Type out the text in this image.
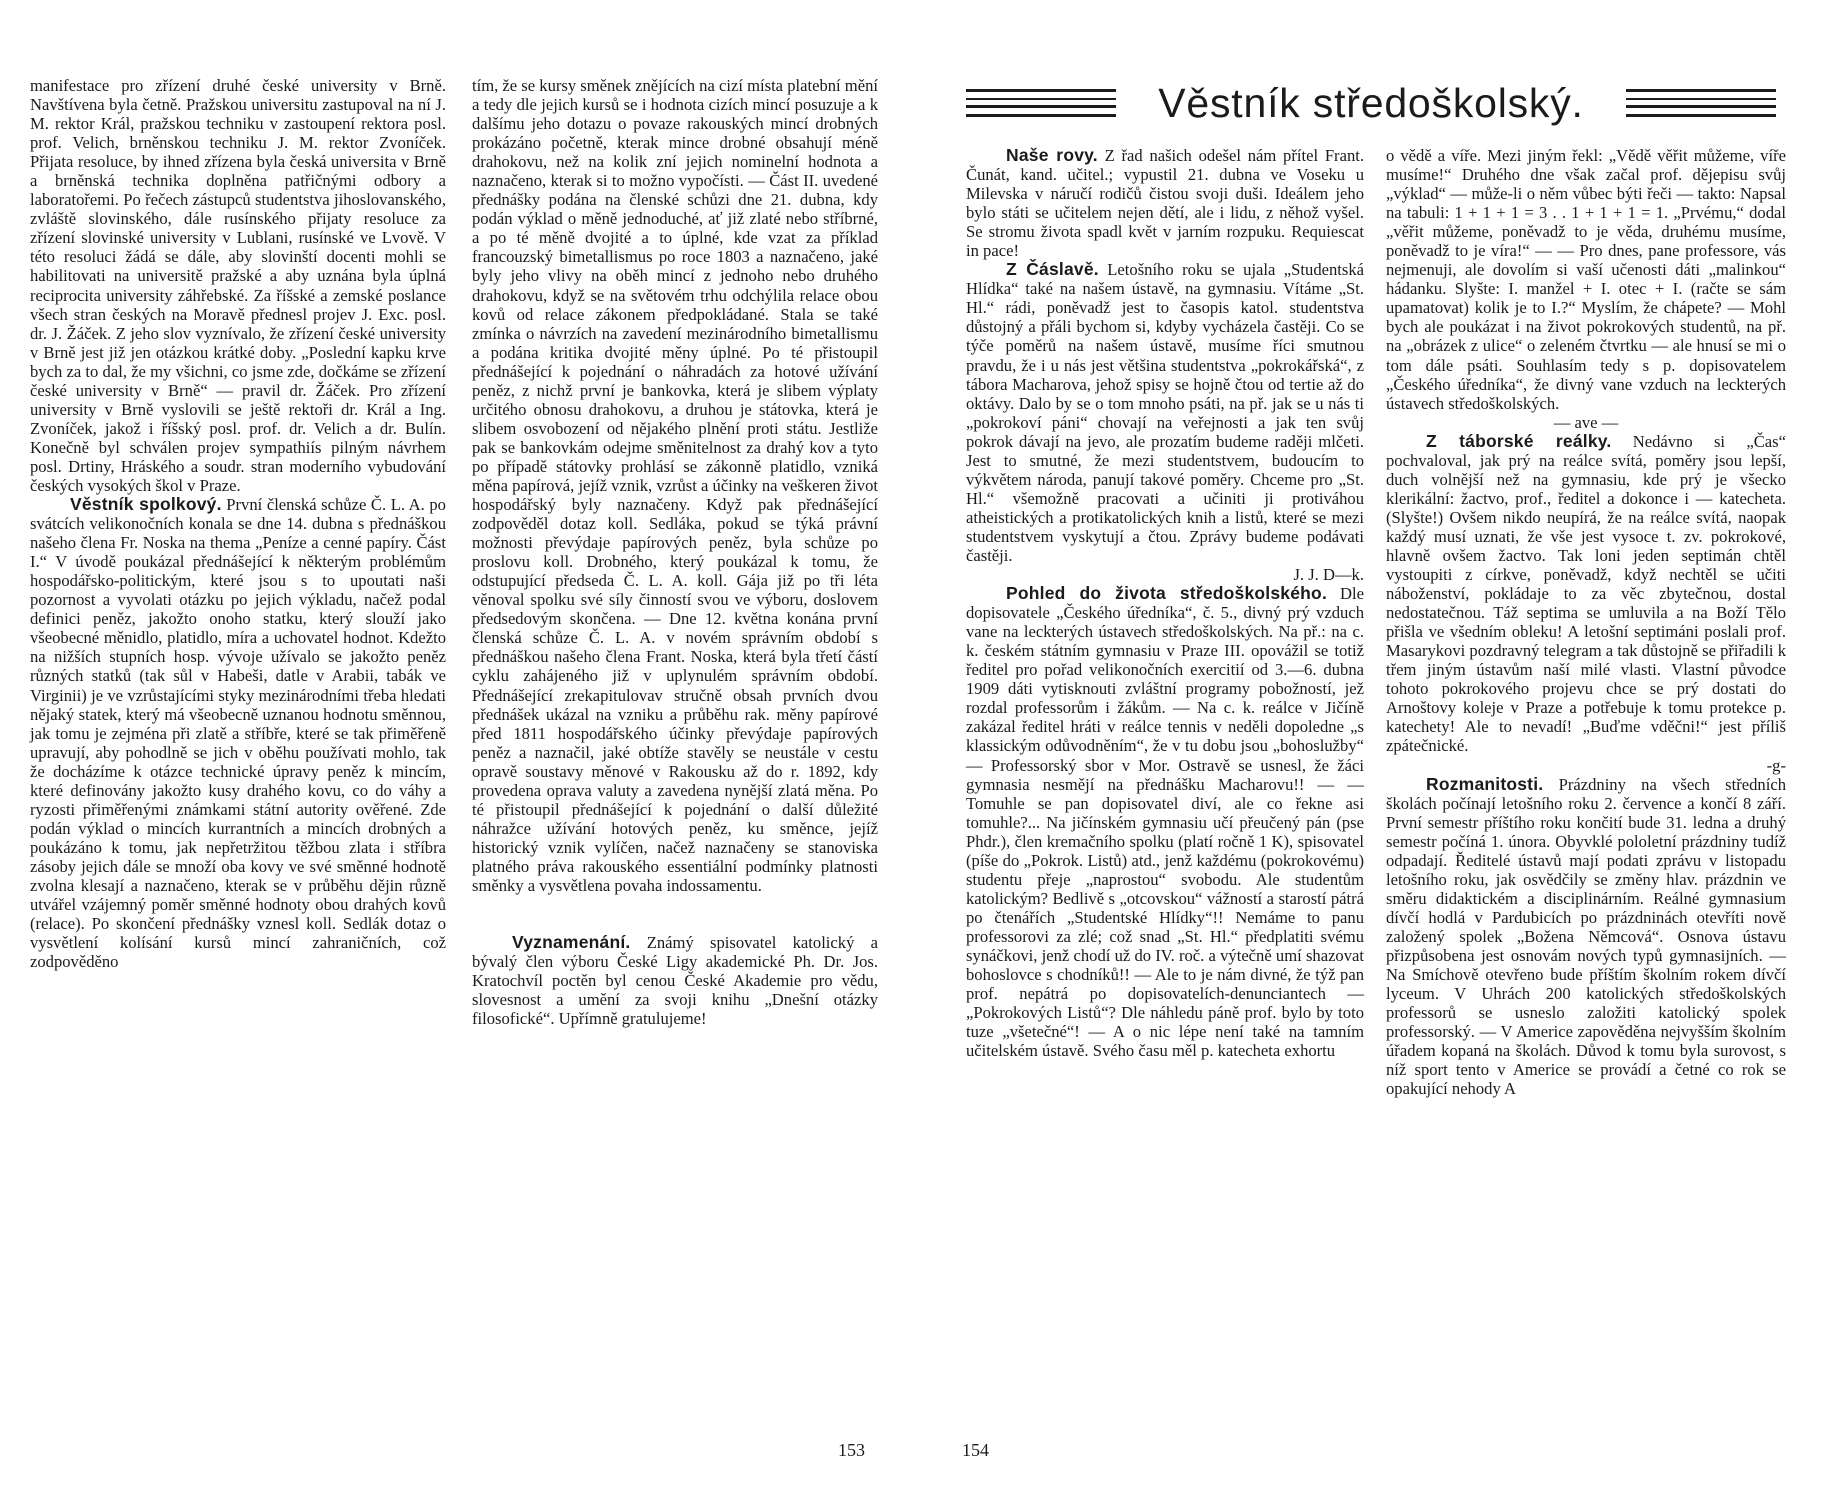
manifestace pro zřízení druhé české university v Brně. Navštívena byla četně. Pražskou universitu zastupoval na ní J. M. rektor Král, pražskou techniku v zastoupení rektora posl. prof. Velich, brněnskou techniku J. M. rektor Zvoníček. Přijata resoluce, by ihned zřízena byla česká universita v Brně a brněnská technika doplněna patřičnými odbory a laboratořemi. Po řečech zástupců studentstva jihoslovanského, zvláště slovinského, dále rusínského přijaty resoluce za zřízení slovinské university v Lublani, rusínské ve Lvově. V této resoluci žádá se dále, aby slovinští docenti mohli se habilitovati na universitě pražské a aby uznána byla úplná reciprocita university záhřebské. Za říšské a zemské poslance všech stran českých na Moravě přednesl projev J. Exc. posl. dr. J. Žáček. Z jeho slov vyznívalo, že zřízení české university v Brně jest již jen otázkou krátké doby. „Poslední kapku krve bych za to dal, že my všichni, co jsme zde, dočkáme se zřízení české university v Brně“ — pravil dr. Žáček. Pro zřízení university v Brně vyslovili se ještě rektoři dr. Král a Ing. Zvoníček, jakož i říšský posl. prof. dr. Velich a dr. Bulín. Konečně byl schválen projev sympathiís pilným návrhem posl. Drtiny, Hráského a soudr. stran moderního vybudování českých vysokých škol v Praze.

Věstník spolkový. První členská schůze Č. L. A. po svátcích velikonočních konala se dne 14. dubna s přednáškou našeho člena Fr. Noska na thema „Peníze a cenné papíry. Část I.“ V úvodě poukázal přednášející k některým problémům hospodářsko-politickým, které jsou s to upoutati naši pozornost a vyvolati otázku po jejich výkladu, načež podal definici peněz, jakožto onoho statku, který slouží jako všeobecné měnidlo, platidlo, míra a uchovatel hodnot. Kdežto na nižších stupních hosp. vývoje užívalo se jakožto peněz různých statků (tak sůl v Habeši, datle v Arabii, tabák ve Virginii) je ve vzrůstajícími styky mezinárodními třeba hledati nějaký statek, který má všeobecně uznanou hodnotu směnnou, jak tomu je zejména při zlatě a stříbře, které se tak přiměřeně upravují, aby pohodlně se jich v oběhu používati mohlo, tak že docházíme k otázce technické úpravy peněz k mincím, které definovány jakožto kusy drahého kovu, co do váhy a ryzosti přiměřenými známkami státní autority ověřené. Zde podán výklad o mincích kurrantních a mincích drobných a poukázáno k tomu, jak nepřetržitou těžbou zlata i stříbra zásoby jejich dále se množí oba kovy ve své směnné hodnotě zvolna klesají a naznačeno, kterak se v průběhu dějin různě utvářel vzájemný poměr směnné hodnoty obou drahých kovů (relace). Po skončení přednášky vznesl koll. Sedlák dotaz o vysvětlení kolísání kursů mincí zahraničních, což zodpověděno

tím, že se kursy směnek znějících na cizí místa platební mění a tedy dle jejich kursů se i hodnota cizích mincí posuzuje a k dalšímu jeho dotazu o povaze rakouských mincí drobných prokázáno početně, kterak mince drobné obsahují méně drahokovu, než na kolik zní jejich nominelní hodnota a naznačeno, kterak si to možno vypočísti. — Část II. uvedené přednášky podána na členské schůzi dne 21. dubna, kdy podán výklad o měně jednoduché, ať již zlaté nebo stříbrné, a po té měně dvojité a to úplné, kde vzat za příklad francouzský bimetallismus po roce 1803 a naznačeno, jaké byly jeho vlivy na oběh mincí z jednoho nebo druhého drahokovu, když se na světovém trhu odchýlila relace obou kovů od relace zákonem předpokládané. Stala se také zmínka o návrzích na zavedení mezinárodního bimetallismu a podána kritika dvojité měny úplné. Po té přistoupil přednášející k pojednání o náhradách za hotové užívání peněz, z nichž první je bankovka, která je slibem výplaty určitého obnosu drahokovu, a druhou je státovka, která je slibem osvobození od nějakého plnění proti státu. Jestliže pak se bankovkám odejme směnitelnost za drahý kov a tyto po případě státovky prohlásí se zákonně platidlo, vzniká měna papírová, jejíž vznik, vzrůst a účinky na veškeren život hospodářský byly naznačeny. Když pak přednášející zodpověděl dotaz koll. Sedláka, pokud se týká právní možnosti převýdaje papírových peněz, byla schůze po proslovu koll. Drobného, který poukázal k tomu, že odstupující předseda Č. L. A. koll. Gája již po tři léta věnoval spolku své síly činností svou ve výboru, doslovem předsedovým skončena. — Dne 12. května konána první členská schůze Č. L. A. v novém správním období s přednáškou našeho člena Frant. Noska, která byla třetí částí cyklu zahájeného již v uplynulém správním období. Přednášející zrekapitulovav stručně obsah prvních dvou přednášek ukázal na vzniku a průběhu rak. měny papírové před 1811 hospodářského účinky převýdaje papírových peněz a naznačil, jaké obtíže stavěly se neustále v cestu opravě soustavy měnové v Rakousku až do r. 1892, kdy provedena oprava valuty a zavedena nynější zlatá měna. Po té přistoupil přednášející k pojednání o další důležité náhražce užívání hotových peněz, ku směnce, jejíž historický vznik vylíčen, načež naznačeny se stanoviska platného práva rakouského essentiální podmínky platnosti směnky a vysvětlena povaha indossamentu.

Vyznamenání. Známý spisovatel katolický a bývalý člen výboru České Ligy akademické Ph. Dr. Jos. Kratochvíl poctěn byl cenou České Akademie pro vědu, slovesnost a umění za svoji knihu „Dnešní otázky filosofické“. Upřímně gratulujeme!

153
Věstník středoškolský.

Naše rovy. Z řad našich odešel nám přítel Frant. Čunát, kand. učitel.; vypustil 21. dubna ve Voseku u Milevska v náručí rodičů čistou svoji duši. Ideálem jeho bylo státi se učitelem nejen dětí, ale i lidu, z něhož vyšel. Se stromu života spadl květ v jarním rozpuku. Requiescat in pace!

Z Čáslavě. Letošního roku se ujala „Studentská Hlídka“ také na našem ústavě, na gymnasiu. Vítáme „St. Hl.“ rádi, poněvadž jest to časopis katol. studentstva důstojný a přáli bychom si, kdyby vycházela častěji. Co se týče poměrů na našem ústavě, musíme říci smutnou pravdu, že i u nás jest většina studentstva „pokrokářská“, z tábora Macharova, jehož spisy se hojně čtou od tertie až do oktávy. Dalo by se o tom mnoho psáti, na př. jak se u nás ti „pokrokoví páni“ chovají na veřejnosti a jak ten svůj pokrok dávají na jevo, ale prozatím budeme raději mlčeti. Jest to smutné, že mezi studentstvem, budoucím to výkvětem národa, panují takové poměry. Chceme pro „St. Hl.“ všemožně pracovati a učiniti ji protiváhou atheistických a protikatolických knih a listů, které se mezi studentstvem vyskytují a čtou. Zprávy budeme podávati častěji.

J. J. D—k.

Pohled do života středoškolského. Dle dopisovatele „Českého úředníka“, č. 5., divný prý vzduch vane na leckterých ústavech středoškolských. Na př.: na c. k. českém státním gymnasiu v Praze III. opovážil se totiž ředitel pro pořad velikonočních exercitií od 3.—6. dubna 1909 dáti vytisknouti zvláštní programy pobožností, jež rozdal professorům i žákům. — Na c. k. reálce v Jičíně zakázal ředitel hráti v reálce tennis v neděli dopoledne „s klassickým odůvodněním“, že v tu dobu jsou „bohoslužby“ — Professorský sbor v Mor. Ostravě se usnesl, že žáci gymnasia nesmějí na přednášku Macharovu!! — — Tomuhle se pan dopisovatel diví, ale co řekne asi tomuhle?... Na jičínském gymnasiu učí přeučený pán (pse Phdr.), člen kremačního spolku (platí ročně 1 K), spisovatel (píše do „Pokrok. Listů) atd., jenž každému (pokrokovému) studentu přeje „naprostou“ svobodu. Ale studentům katolickým? Bedlivě s „otcovskou“ vážností a starostí pátrá po čtenářích „Studentské Hlídky“!! Nemáme to panu professorovi za zlé; což snad „St. Hl.“ předplatiti svému synáčkovi, jenž chodí už do IV. roč. a výtečně umí shazovat bohoslovce s chodníků!! — Ale to je nám divné, že týž pan prof. nepátrá po dopisovatelích-denunciantech — „Pokrokových Listů“? Dle náhledu páně prof. bylo by toto tuze „všetečné“! — A o nic lépe není také na tamním učitelském ústavě. Svého času měl p. katecheta exhortu

o vědě a víře. Mezi jiným řekl: „Vědě věřit můžeme, víře musíme!“ Druhého dne však začal prof. dějepisu svůj „výklad“ — může-li o něm vůbec býti řeči — takto: Napsal na tabuli: 1 + 1 + 1 = 3 . . 1 + 1 + 1 = 1. „Prvému,“ dodal „věřit můžeme, poněvadž to je věda, druhému musíme, poněvadž to je víra!“ — — Pro dnes, pane professore, vás nejmenuji, ale dovolím si vaší učenosti dáti „malinkou“ hádanku. Slyšte: I. manžel + I. otec + I. (račte se sám upamatovat) kolik je to I.?“ Myslím, že chápete? — Mohl bych ale poukázat i na život pokrokových studentů, na př. na „obrázek z ulice“ o zeleném čtvrtku — ale hnusí se mi o tom dále psáti. Souhlasím tedy s p. dopisovatelem „Českého úředníka“, že divný vane vzduch na leckterých ústavech středoškolských.

— ave —

Z táborské reálky. Nedávno si „Čas“ pochvaloval, jak prý na reálce svítá, poměry jsou lepší, duch volnější než na gymnasiu, kde prý je všecko klerikální: žactvo, prof., ředitel a dokonce i — katecheta. (Slyšte!) Ovšem nikdo neupírá, že na reálce svítá, naopak každý musí uznati, že vše jest vysoce t. zv. pokrokové, hlavně ovšem žactvo. Tak loni jeden septimán chtěl vystoupiti z církve, poněvadž, když nechtěl se učiti náboženství, pokládaje to za věc zbytečnou, dostal nedostatečnou. Táž septima se umluvila a na Boží Tělo přišla ve všedním obleku! A letošní septimáni poslali prof. Masarykovi pozdravný telegram a tak důstojně se přiřadili k třem jiným ústavům naší milé vlasti. Vlastní původce tohoto pokrokového projevu chce se prý dostati do Arnoštovy koleje v Praze a potřebuje k tomu protekce p. katechety! Ale to nevadí! „Buďme vděčni!“ jest příliš zpátečnické.

-g-

Rozmanitosti. Prázdniny na všech středních školách počínají letošního roku 2. července a končí 8 září. První semestr příštího roku končití bude 31. ledna a druhý semestr počíná 1. února. Obyvklé pololetní prázdniny tudíž odpadají. Ředitelé ústavů mají podati zprávu v listopadu letošního roku, jak osvědčily se změny hlav. prázdnin ve směru didaktickém a disciplinárním. Reálné gymnasium dívčí hodlá v Pardubicích po prázdninách otevříti nově založený spolek „Božena Němcová“. Osnova ústavu přizpůsobena jest osnovám nových typů gymnasijních. — Na Smíchově otevřeno bude příštím školním rokem dívčí lyceum. V Uhrách 200 katolických středoškolských professorů se usneslo založiti katolický spolek professorský. — V Americe zapověděna nejvyšším školním úřadem kopaná na školách. Důvod k tomu byla surovost, s níž sport tento v Americe se provádí a četné co rok se opakující nehody A

154
